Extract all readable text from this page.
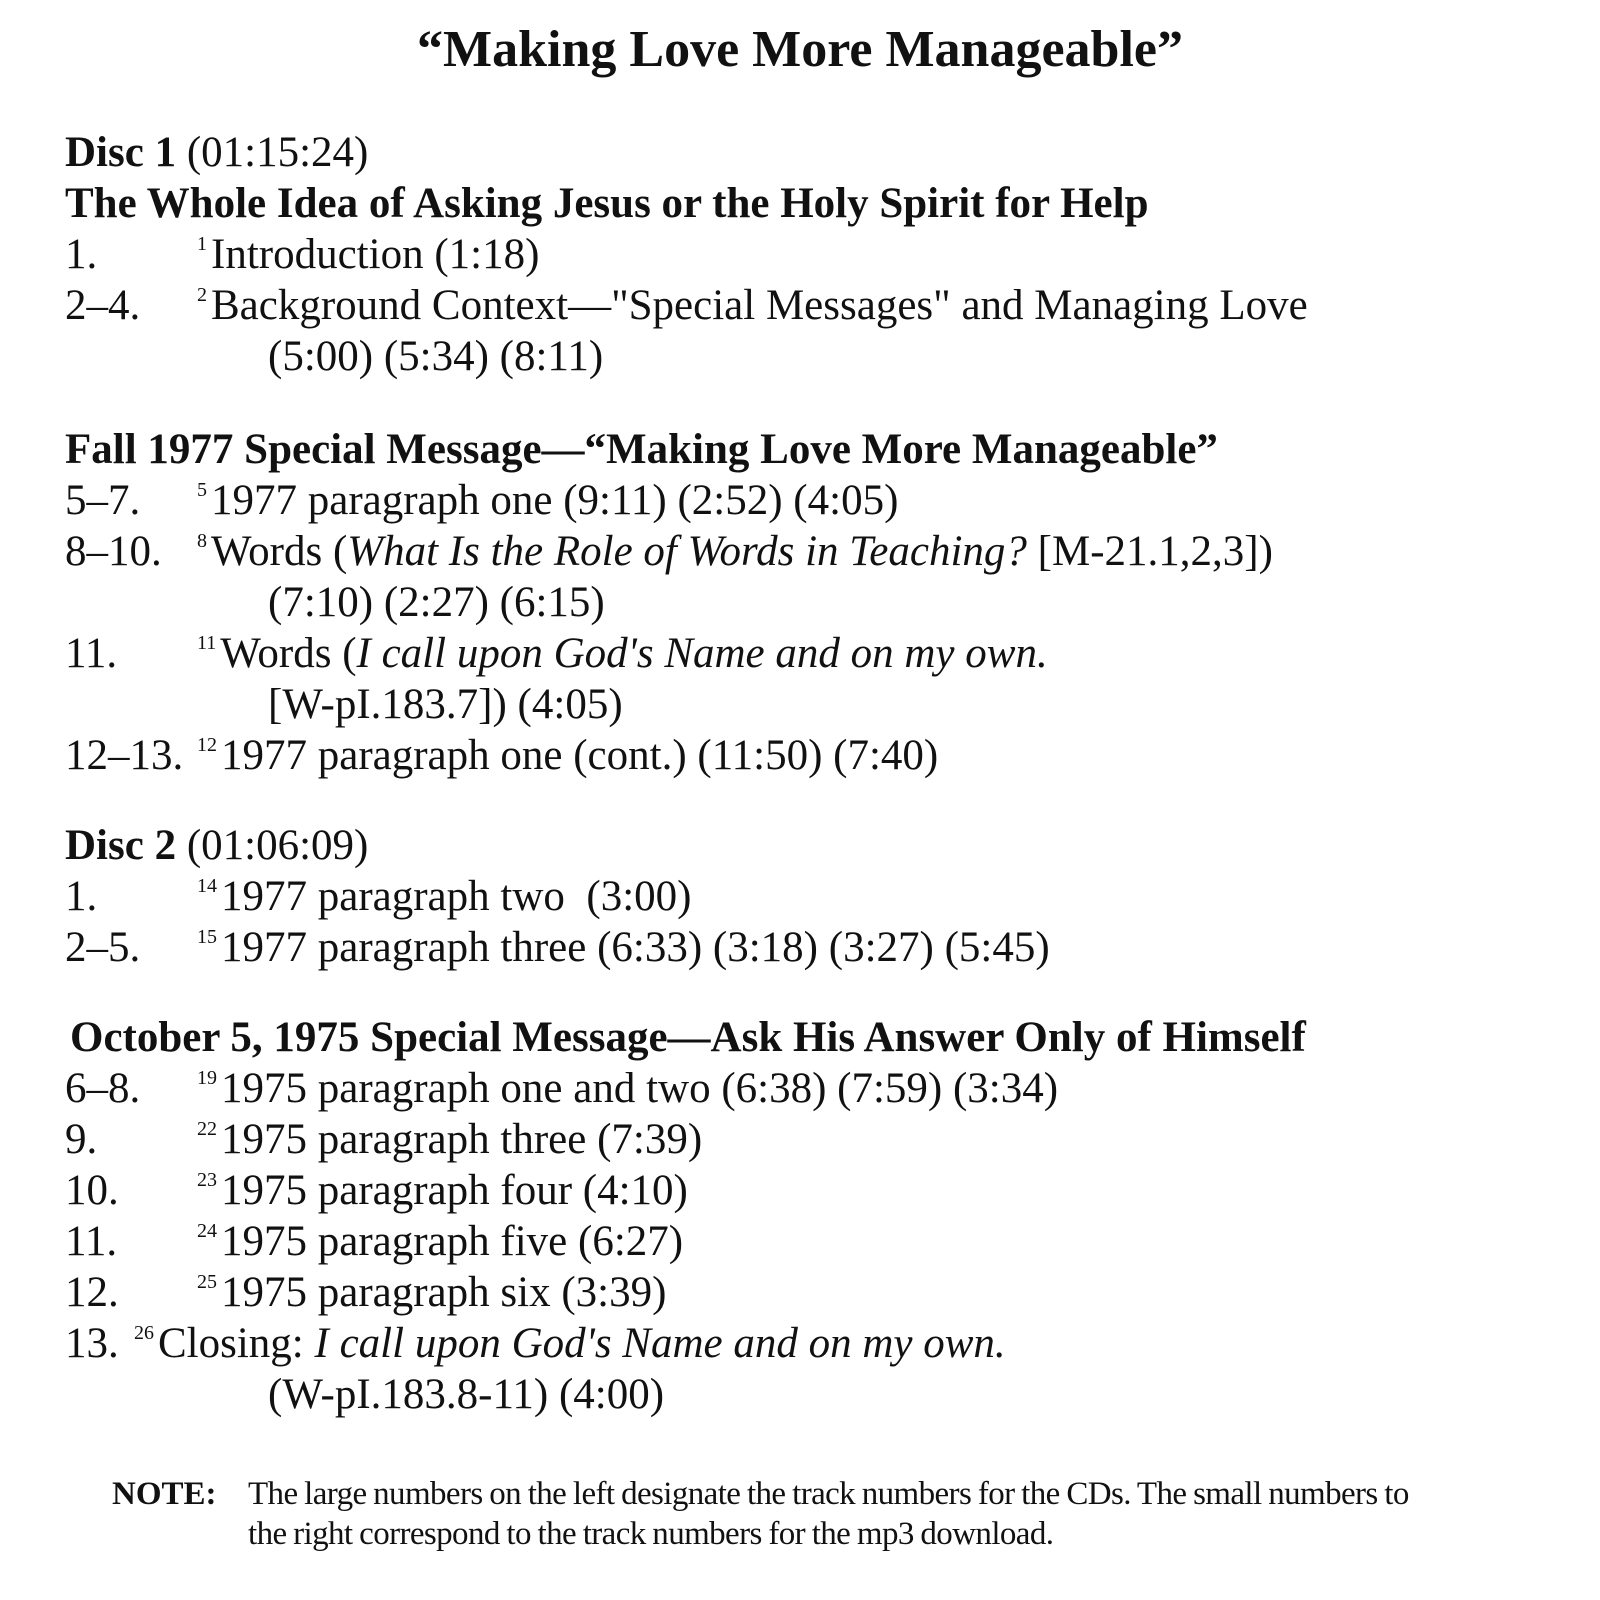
“Making Love More Manageable”
Disc 1 (01:15:24)
The Whole Idea of Asking Jesus or the Holy Spirit for Help
1.	$^1$Introduction (1:18)
2–4.	$^2$Background Context—"Special Messages" and Managing Love
(5:00) (5:34) (8:11)
Fall 1977 Special Message—“Making Love More Manageable”
5–7.	$^5$1977 paragraph one (9:11) (2:52) (4:05)
8–10. $^8$Words (What Is the Role of Words in Teaching? [M-21.1,2,3])
(7:10) (2:27) (6:15)
11.	$^{11}$Words (I call upon God's Name and on my own.
[W-pI.183.7]) (4:05)
12–13. $^{12}$1977 paragraph one (cont.) (11:50) (7:40)
Disc 2 (01:06:09)
1.	$^{14}$1977 paragraph two  (3:00)
2–5.	$^{15}$1977 paragraph three (6:33) (3:18) (3:27) (5:45)
October 5, 1975 Special Message—Ask His Answer Only of Himself
6–8.	$^{19}$1975 paragraph one and two (6:38) (7:59) (3:34)
9.	$^{22}$1975 paragraph three (7:39)
10.	$^{23}$1975 paragraph four (4:10)
11.	$^{24}$1975 paragraph five (6:27)
12.	$^{25}$1975 paragraph six (3:39)
13. $^{26}$Closing: I call upon God's Name and on my own.
(W-pI.183.8-11) (4:00)
NOTE: The large numbers on the left designate the track numbers for the CDs. The small numbers to the right correspond to the track numbers for the mp3 download.
